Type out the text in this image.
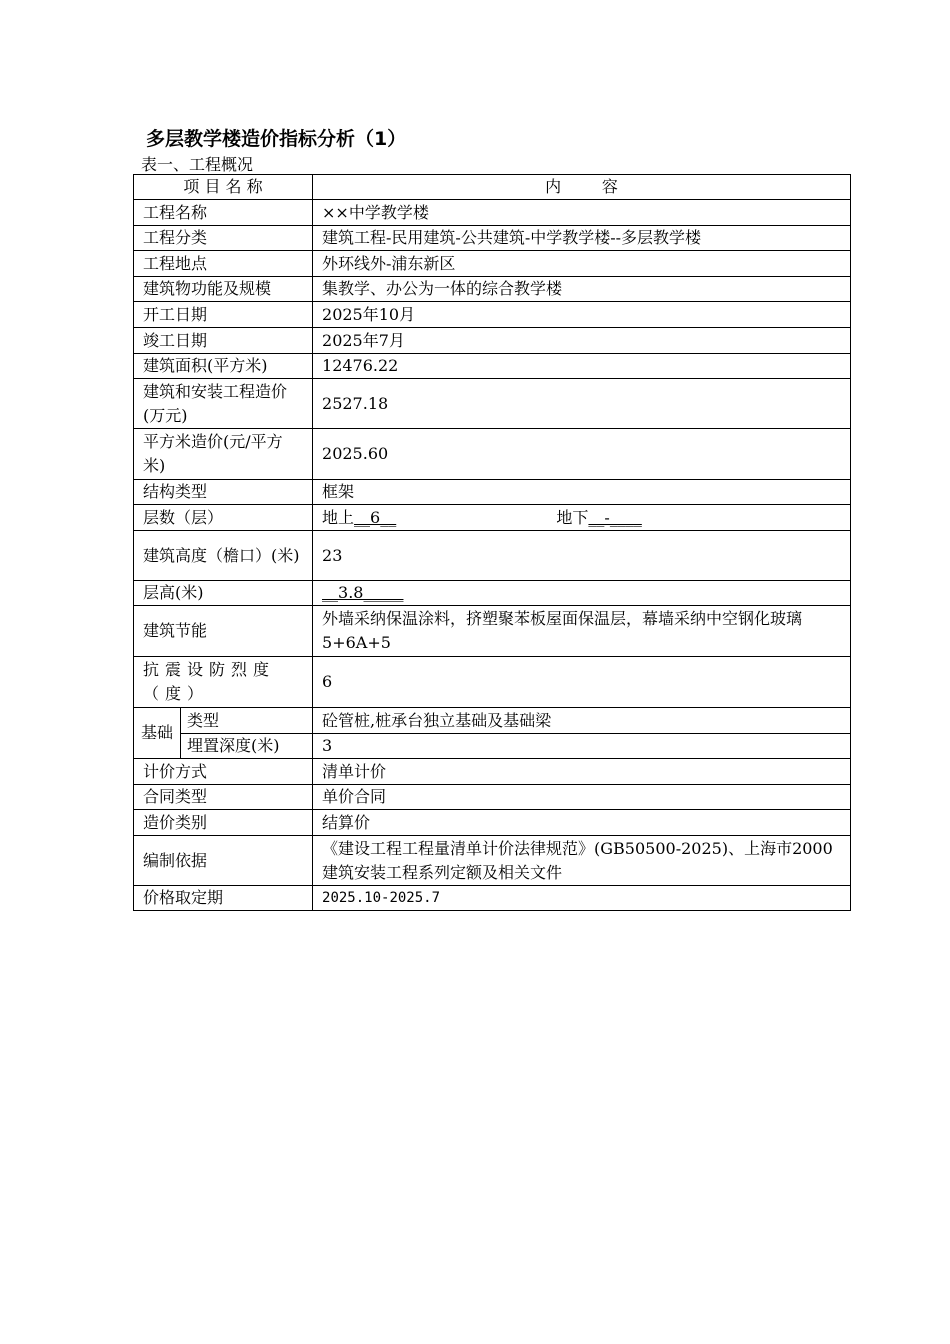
多层教学楼造价指标分析（1）
表一、工程概况
项 目 名 称		内        容
工程名称		××中学教学楼
工程分类		建筑工程-民用建筑-公共建筑-中学教学楼--多层教学楼
工程地点		外环线外-浦东新区
建筑物功能及规模		集教学、办公为一体的综合教学楼
开工日期		2025年10月
竣工日期		2025年7月
建筑面积(平方米)		12476.22
建筑和安装工程造价(万元)		2527.18
平方米造价(元/平方米)		2025.60
结构类型		框架
层数（层）		地上__6__ 地下__-____
建筑高度（檐口）(米)		23
层高(米)		__3.8_____
建筑节能		外墙采纳保温涂料，挤塑聚苯板屋面保温层，幕墙采纳中空钢化玻璃5+6A+5
抗震设防烈度（度）		6
基础	类型	砼管桩,桩承台独立基础及基础梁
	埋置深度(米)	3
计价方式		清单计价
合同类型		单价合同
造价类别		结算价
编制依据		《建设工程工程量清单计价法律规范》(GB50500-2025)、上海市2000建筑安装工程系列定额及相关文件
价格取定期		2025.10-2025.7
